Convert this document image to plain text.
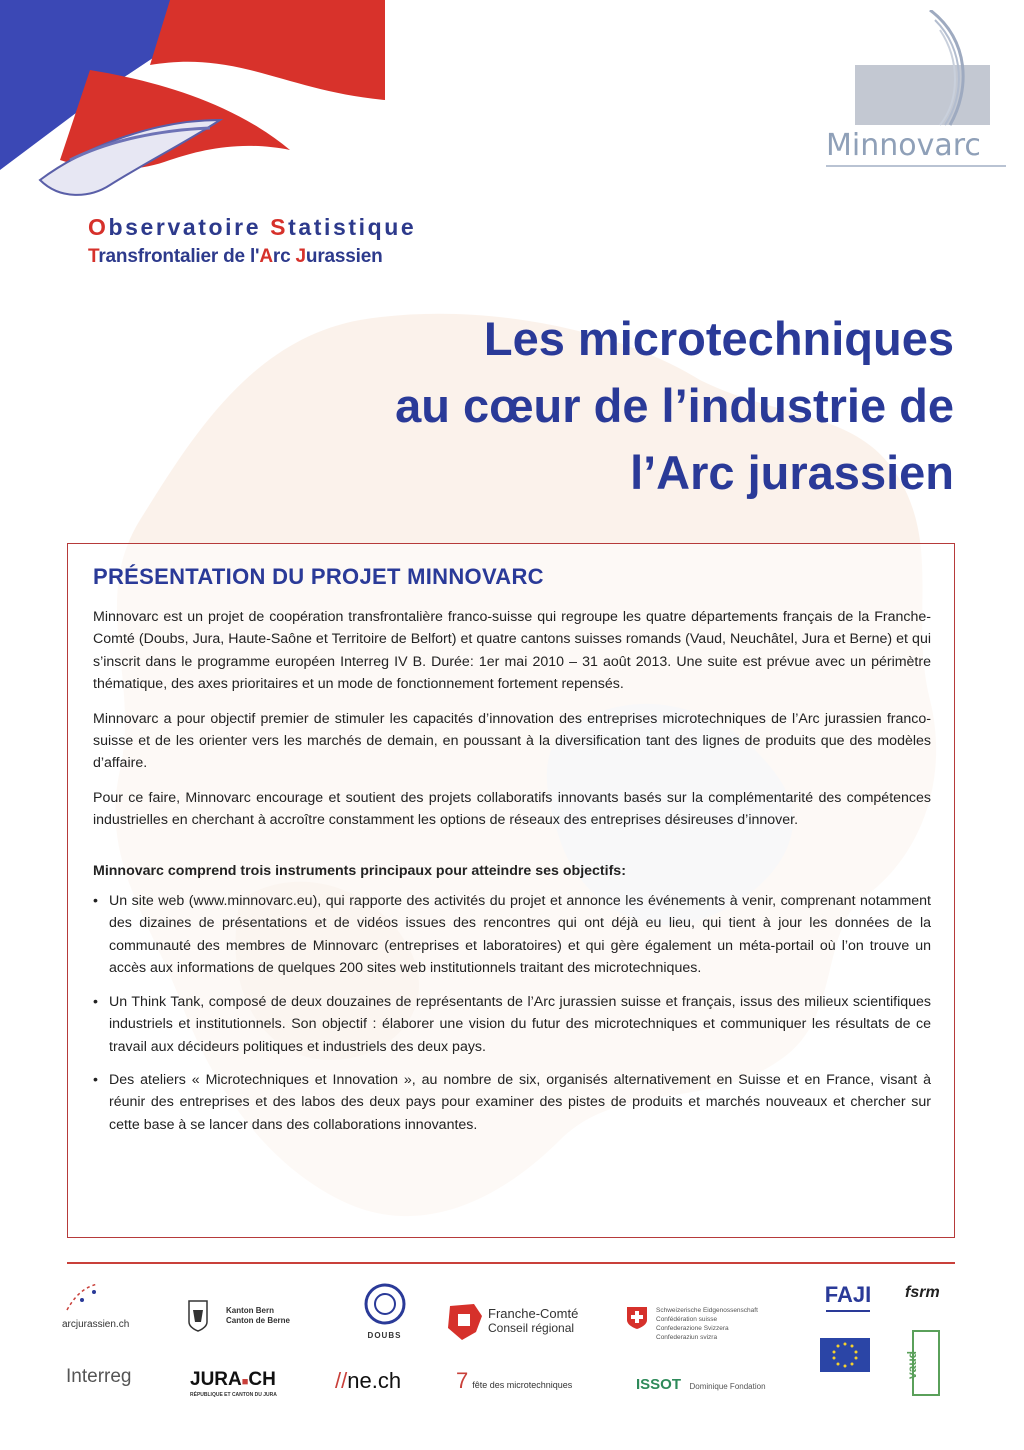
Observatoire Statistique
Transfrontalier de l'Arc Jurassien
Minnovarc
Les microtechniques
au cœur de l’industrie de
l’Arc jurassien
PRÉSENTATION DU PROJET MINNOVARC

Minnovarc est un projet de coopération transfrontalière franco-suisse qui regroupe les quatre départements français de la Franche-Comté (Doubs, Jura, Haute-Saône et Territoire de Belfort) et quatre cantons suisses romands (Vaud, Neuchâtel, Jura et Berne) et qui s’inscrit dans le programme européen Interreg IV B. Durée: 1er mai 2010 – 31 août 2013. Une suite est prévue avec un périmètre thématique, des axes prioritaires et un mode de fonctionnement fortement repensés.

Minnovarc a pour objectif premier de stimuler les capacités d’innovation des entreprises microtechniques de l’Arc jurassien franco-suisse et de les orienter vers les marchés de demain, en poussant à la diversification tant des lignes de produits que des modèles d’affaire.

Pour ce faire, Minnovarc encourage et soutient des projets collaboratifs innovants basés sur la complémentarité des compétences industrielles en cherchant à accroître constamment les options de réseaux des entreprises désireuses d’innover.

Minnovarc comprend trois instruments principaux pour atteindre ses objectifs:

• Un site web (www.minnovarc.eu), qui rapporte des activités du projet et annonce les événements à venir, comprenant notamment des dizaines de présentations et de vidéos issues des rencontres qui ont déjà eu lieu, qui tient à jour les données de la communauté des membres de Minnovarc (entreprises et laboratoires) et qui gère également un méta-portail où l’on trouve un accès aux informations de quelques 200 sites web institutionnels traitant des microtechniques.
• Un Think Tank, composé de deux douzaines de représentants de l’Arc jurassien suisse et français, issus des milieux scientifiques industriels et institutionnels. Son objectif : élaborer une vision du futur des microtechniques et communiquer les résultats de ce travail aux décideurs politiques et industriels des deux pays.
• Des ateliers « Microtechniques et Innovation », au nombre de six, organisés alternativement en Suisse et en France, visant à réunir des entreprises et des labos des deux pays pour examiner des pistes de produits et marchés nouveaux et chercher sur cette base à se lancer dans des collaborations innovantes.
arcjurassien.ch
Kanton Bern
Canton de Berne
DOUBS
Franche-Comté
Conseil régional
Schweizerische Eidgenossenschaft
Confédération suisse
Confederazione Svizzera
Confederaziun svizra
FAJI	fsrm
vaud
Interreg	JURA■CH
RÉPUBLIQUE ET CANTON DU JURA
//ne.ch	7 fête des microtechniques	ISSOT Dominique Fondation
